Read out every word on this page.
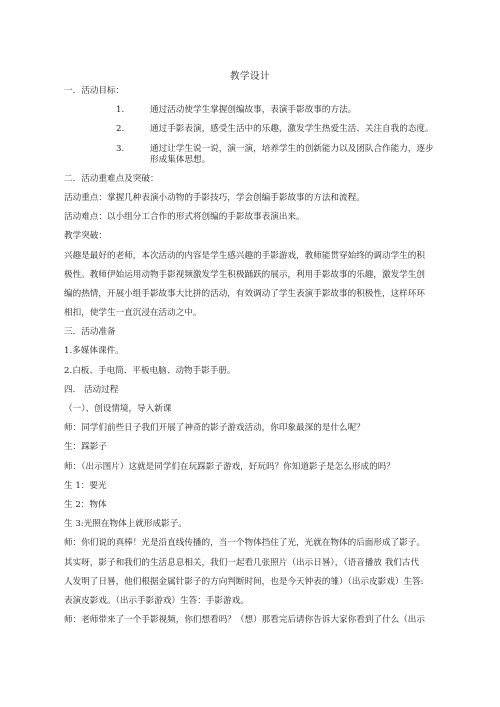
教学设计
一．活动目标：
1.	通过活动使学生掌握创编故事，表演手影故事的方法。
2.	通过手影表演，感受生活中的乐趣，激发学生热爱生活、关注自我的态度。
3.	通过让学生说一说，演一演，培养学生的创新能力以及团队合作能力，逐步形成集体思想。
二．活动重难点及突破：
活动重点：掌握几种表演小动物的手影技巧，学会创编手影故事的方法和流程。
活动难点：以小组分工合作的形式将创编的手影故事表演出来。
教学突破：
兴趣是最好的老师，本次活动的内容是学生感兴趣的手影游戏，教师能贯穿始终的调动学生的积
极性。教师伊始运用动物手影视频激发学生积极踊跃的展示，利用手影故事的乐趣，激发学生创
编的热情，开展小组手影故事大比拼的活动，有效调动了学生表演手影故事的积极性，这样环环
相扣，使学生一直沉浸在活动之中。
三．活动准备
1.多媒体课件。
2.白板、手电筒、平板电脑、动物手影手册。
四． 活动过程
（一）、创设情境，导入新课
师：同学们前些日子我们开展了神奇的影子游戏活动，你印象最深的是什么呢？
生：踩影子
师：（出示图片）这就是同学们在玩踩影子游戏，好玩吗？你知道影子是怎么形成的吗？
生 1：要光
生 2：物体
生 3:光照在物体上就形成影子。
师：你们说的真棒！光是沿直线传播的，当一个物体挡住了光，光就在物体的后面形成了影子。
其实呀，影子和我们的生活息息相关，我们一起看几张照片（出示日晷），（语音播放 我们古代
人发明了日晷，他们根据金属针影子的方向判断时间，也是今天钟表的雏）（出示皮影戏）生答:
表演皮影戏。（出示手影游戏）生答：手影游戏。
师：老师带来了一个手影视频，你们想看吗？（想）那看完后请你告诉大家你看到了什么（出示
